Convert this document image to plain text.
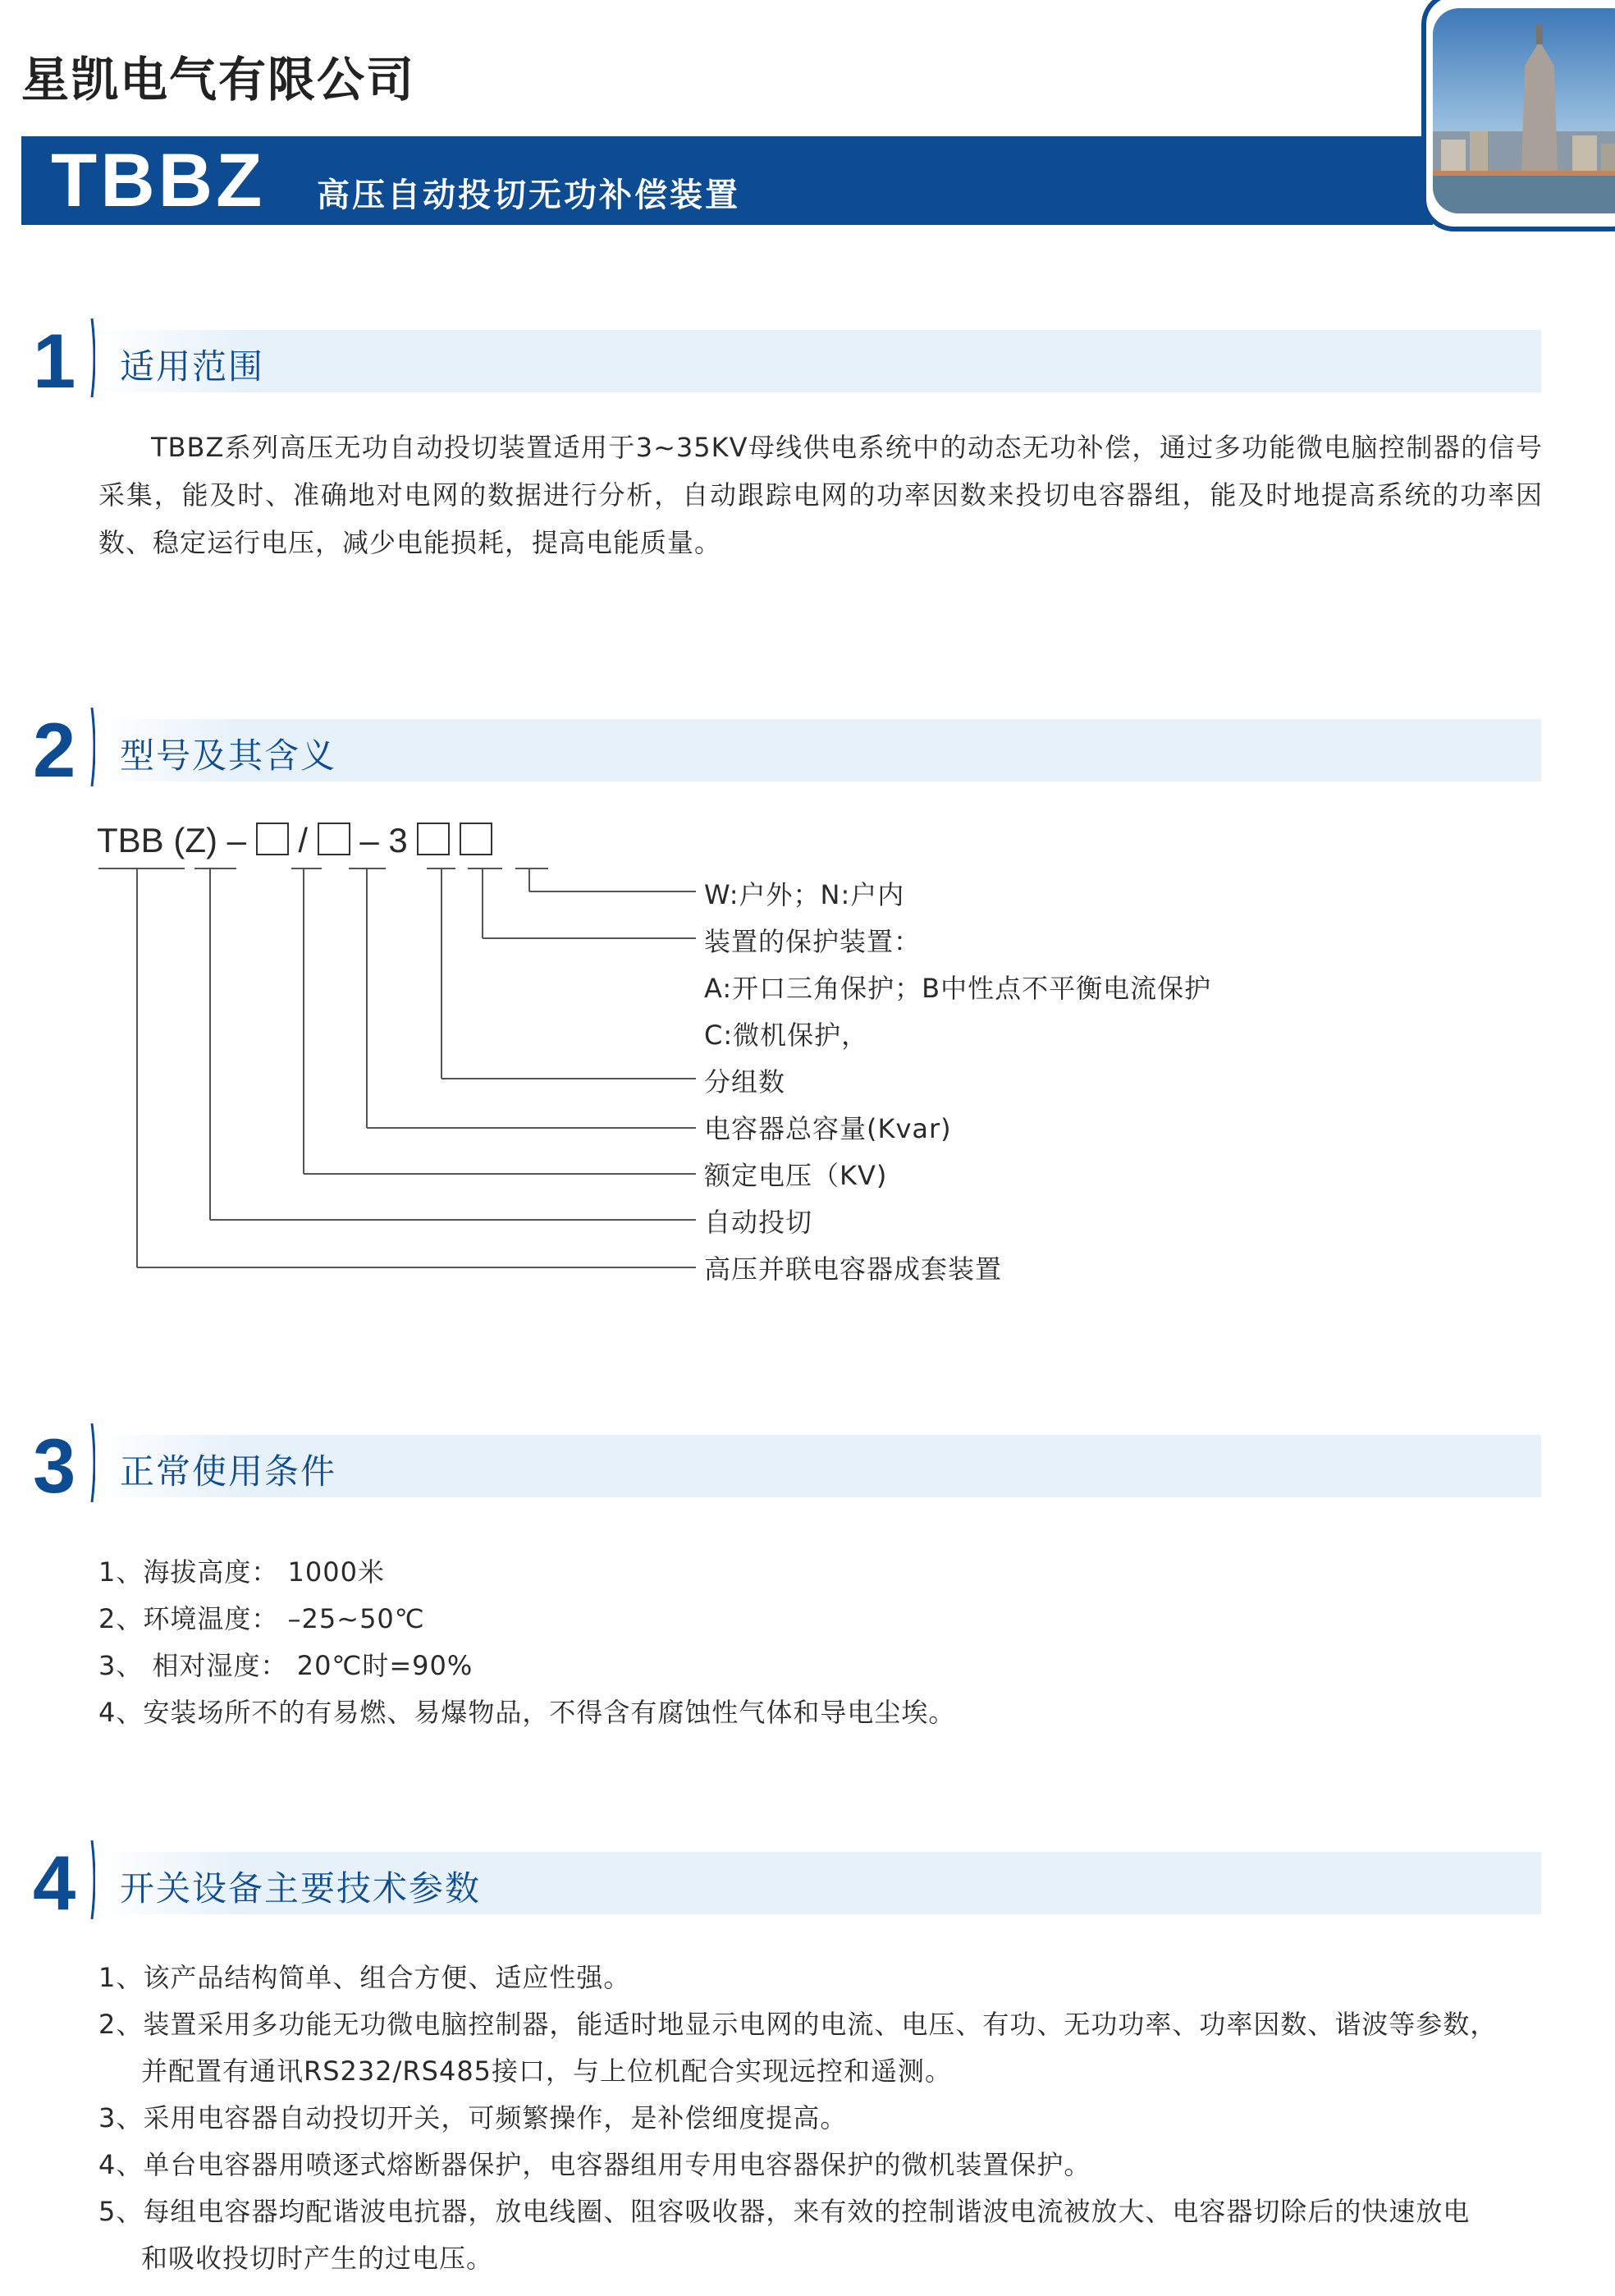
星凯电气有限公司
TBBZ 高压自动投切无功补偿装置
1 适用范围
TBBZ系列高压无功自动投切装置适用于3~35KV母线供电系统中的动态无功补偿，通过多功能微电脑控制器的信号采集，能及时、准确地对电网的数据进行分析，自动跟踪电网的功率因数来投切电容器组，能及时地提高系统的功率因数、稳定运行电压，减少电能损耗，提高电能质量。
2 型号及其含义
TBB (Z) – / – 3
W:户外；N:户内
装置的保护装置：
A:开口三角保护；B中性点不平衡电流保护
C:微机保护，
分组数
电容器总容量(Kvar)
额定电压（KV)
自动投切
高压并联电容器成套装置
3 正常使用条件
1、海拔高度： 1000米
2、环境温度： –25~50℃
3、 相对湿度： 20℃时=90%
4、安装场所不的有易燃、易爆物品，不得含有腐蚀性气体和导电尘埃。
4 开关设备主要技术参数
1、该产品结构简单、组合方便、适应性强。
2、装置采用多功能无功微电脑控制器，能适时地显示电网的电流、电压、有功、无功功率、功率因数、谐波等参数，
并配置有通讯RS232/RS485接口，与上位机配合实现远控和遥测。
3、采用电容器自动投切开关，可频繁操作，是补偿细度提高。
4、单台电容器用喷逐式熔断器保护，电容器组用专用电容器保护的微机装置保护。
5、每组电容器均配谐波电抗器，放电线圈、阻容吸收器，来有效的控制谐波电流被放大、电容器切除后的快速放电
和吸收投切时产生的过电压。
